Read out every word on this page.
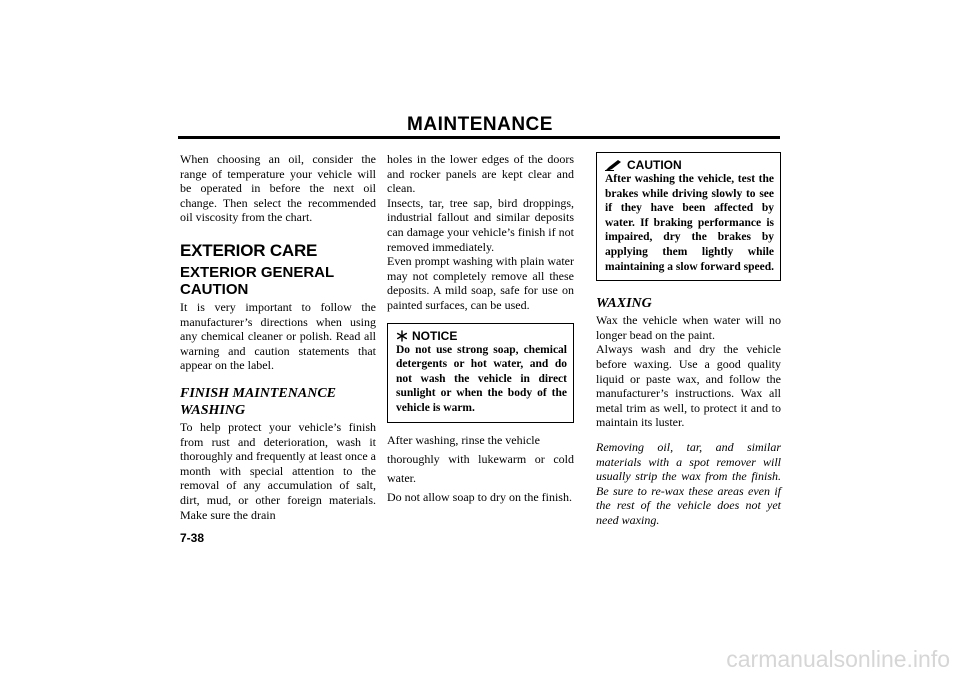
MAINTENANCE

When choosing an oil, consider the range of temperature your vehicle will be operated in before the next oil change. Then select the recommended oil viscosity from the chart.

EXTERIOR CARE
EXTERIOR GENERAL CAUTION

It is very important to follow the manufacturer’s directions when using any chemical cleaner or polish. Read all warning and caution statements that appear on the label.

FINISH MAINTENANCE WASHING

To help protect your vehicle’s finish from rust and deterioration, wash it thoroughly and frequently at least once a month with special attention to the removal of any accumulation of salt, dirt, mud, or other foreign materials. Make sure the drain

holes in the lower edges of the doors and rocker panels are kept clear and clean.

Insects, tar, tree sap, bird droppings, industrial fallout and similar deposits can damage your vehicle’s finish if not removed immediately.

Even prompt washing with plain water may not completely remove all these deposits. A mild soap, safe for use on painted surfaces, can be used.

NOTICE

Do not use strong soap, chemical detergents or hot water, and do not wash the vehicle in direct sunlight or when the body of the vehicle is warm.

After washing, rinse the vehicle

thoroughly with lukewarm or cold water.

Do not allow soap to dry on the finish.

CAUTION

After washing the vehicle, test the brakes while driving slowly to see if they have been affected by water. If braking performance is impaired, dry the brakes by applying them lightly while maintaining a slow forward speed.

WAXING

Wax the vehicle when water will no longer bead on the paint.

Always wash and dry the vehicle before waxing. Use a good quality liquid or paste wax, and follow the manufacturer’s instructions. Wax all metal trim as well, to protect it and to maintain its luster.

Removing oil, tar, and similar materials with a spot remover will usually strip the wax from the finish. Be sure to re-wax these areas even if the rest of the vehicle does not yet need waxing.

7-38
carmanualsonline.info
